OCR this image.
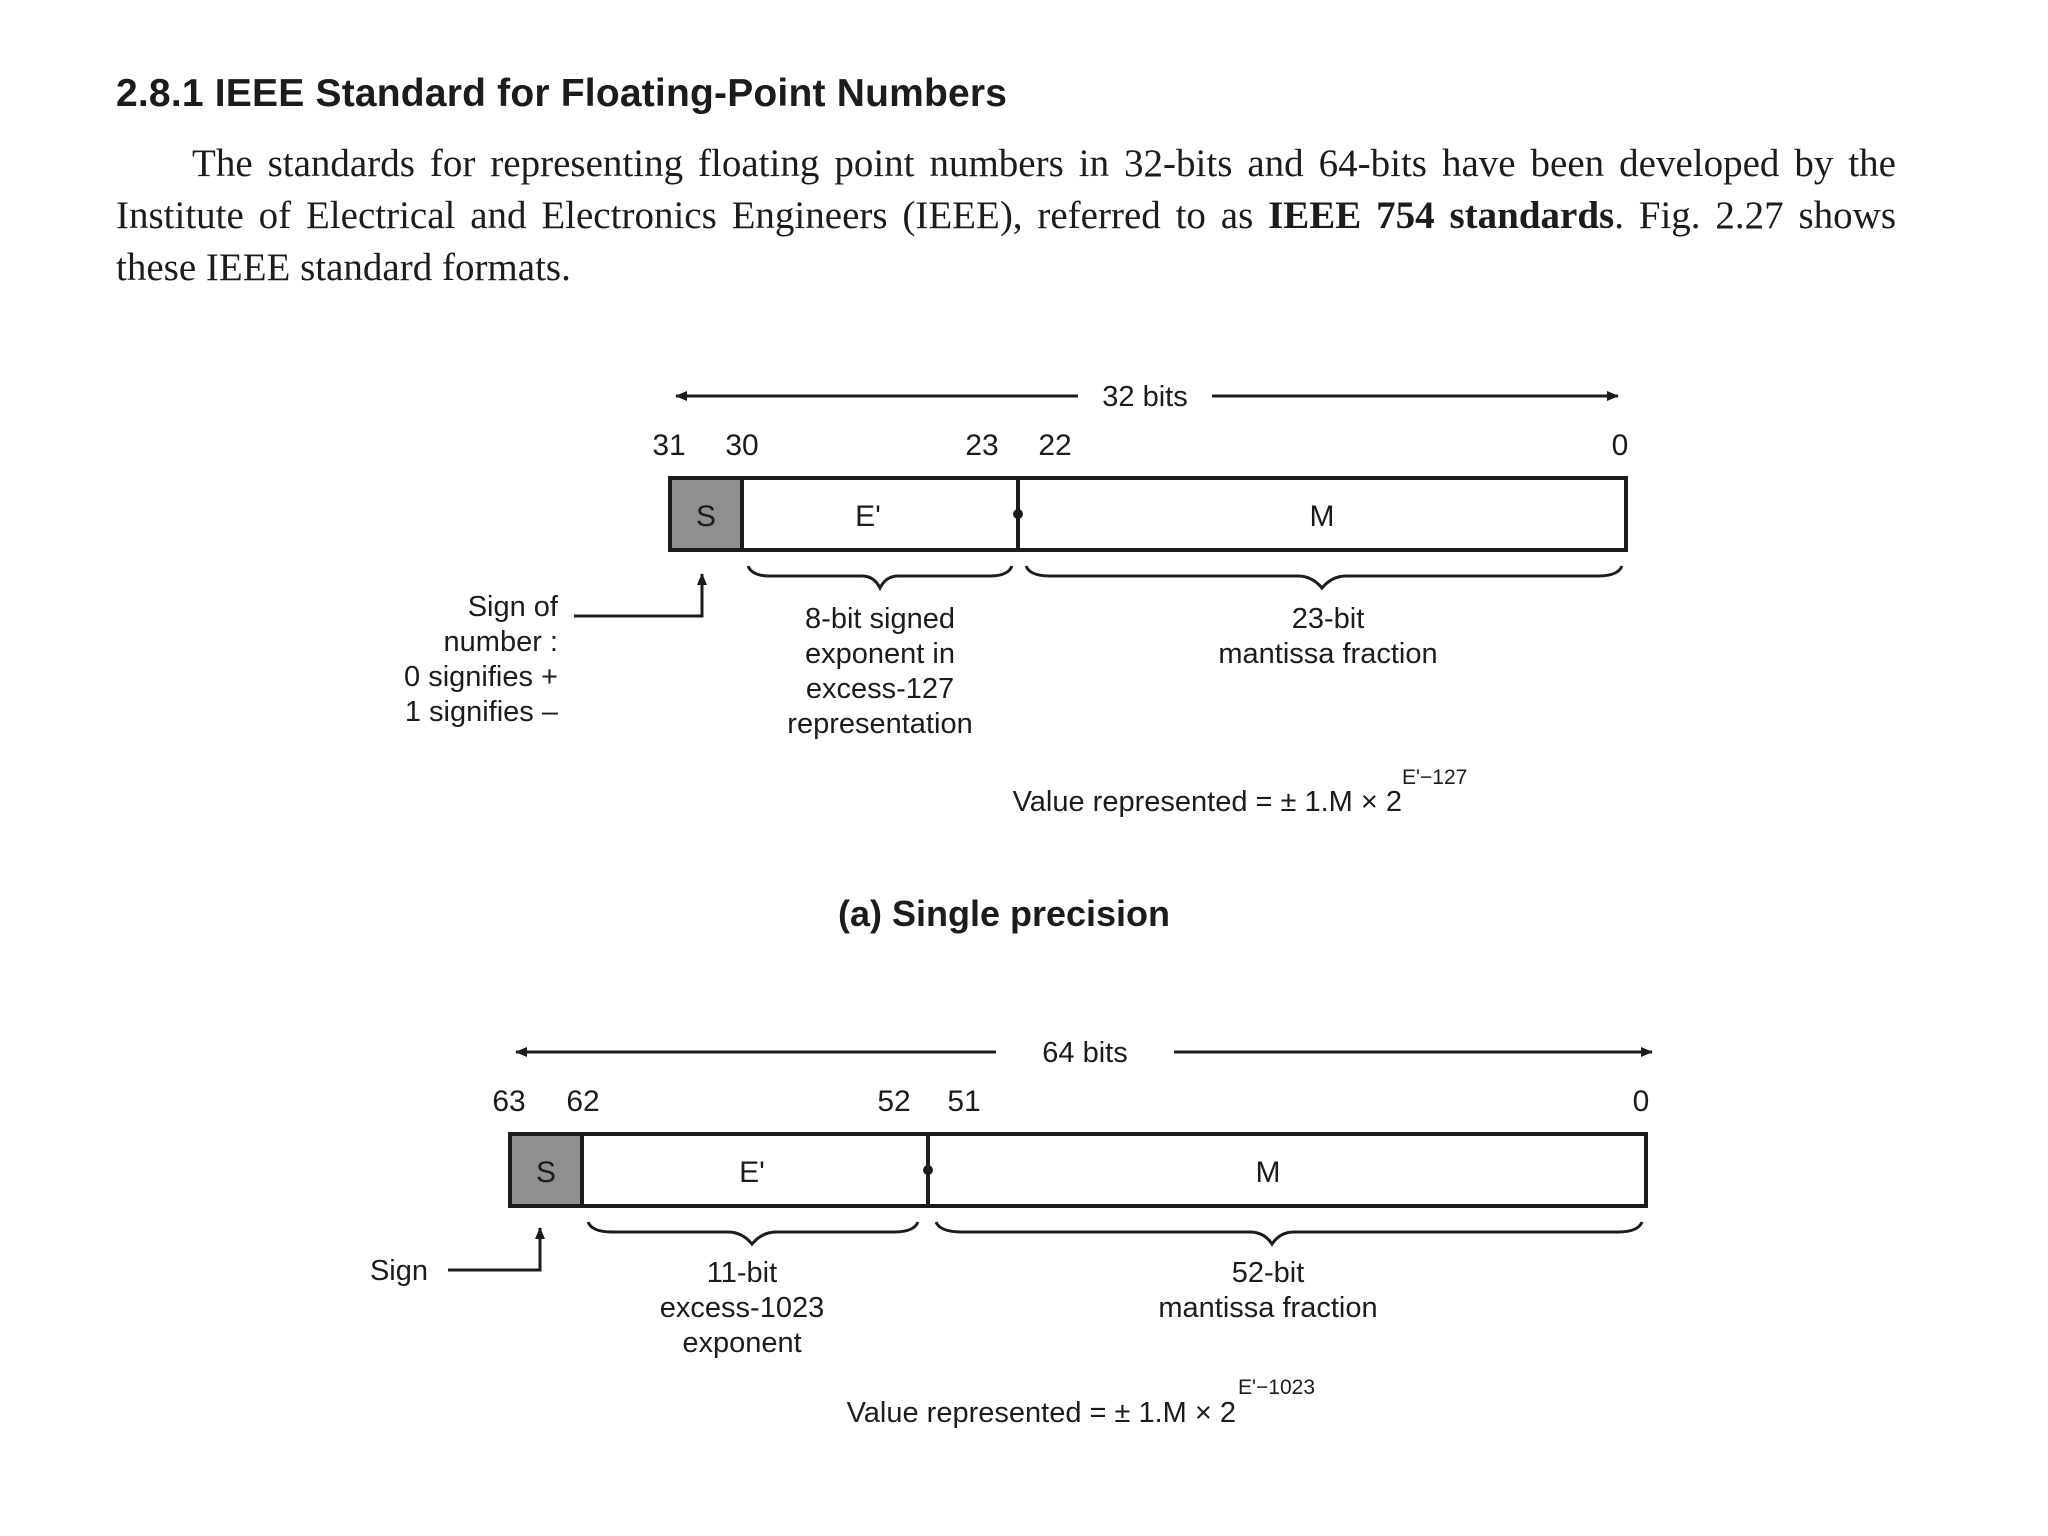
2.8.1 IEEE Standard for Floating-Point Numbers

The standards for representing floating point numbers in 32-bits and 64-bits have been developed by the Institute of Electrical and Electronics Engineers (IEEE), referred to as IEEE 754 standards. Fig. 2.27 shows these IEEE standard formats.

32 bits
31 30	23 22	0
S	E'	M
Sign of
number :
0 signifies +
1 signifies –
8-bit signed
exponent in
excess-127
representation
23-bit
mantissa fraction
Value represented = ± 1.M × 2
E'−127
(a) Single precision
64 bits
63 62	52 51	0
S	E'	M
Sign	11-bit
excess-1023
exponent
52-bit
mantissa fraction
Value represented = ± 1.M × 2
E'−1023
